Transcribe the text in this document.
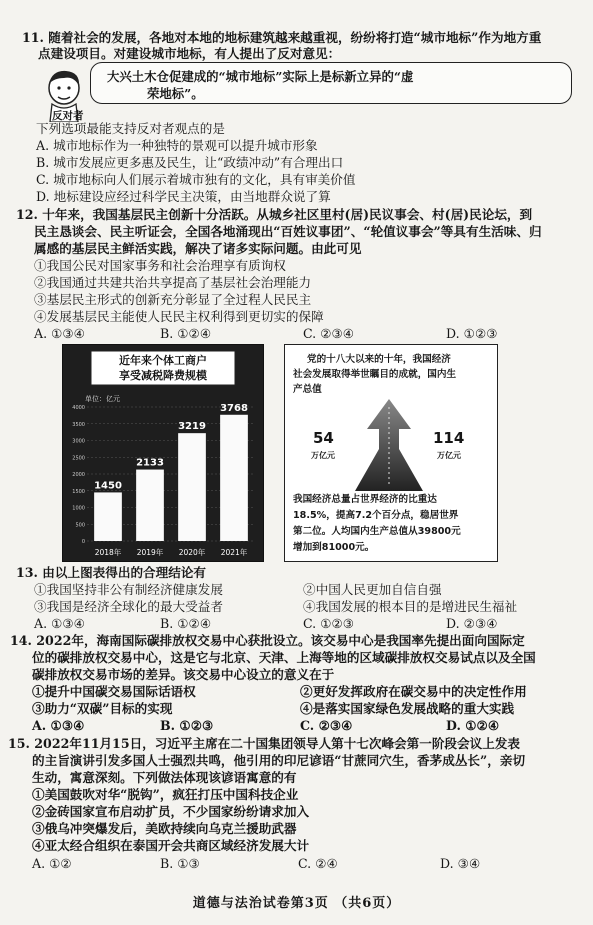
11. 随着社会的发展，各地对本地的地标建筑越来越重视，纷纷将打造“城市地标”作为地方重
点建设项目。对建设城市地标，有人提出了反对意见：
反对者
大兴土木仓促建成的“城市地标”实际上是标新立异的“虚
荣地标”。
下列选项最能支持反对者观点的是
A. 城市地标作为一种独特的景观可以提升城市形象
B. 城市发展应更多惠及民生，让“政绩冲动”有合理出口
C. 城市地标向人们展示着城市独有的文化，具有审美价值
D. 地标建设应经过科学民主决策，由当地群众说了算
12. 十年来，我国基层民主创新十分活跃。从城乡社区里村(居)民议事会、村(居)民论坛，到
民主恳谈会、民主听证会，全国各地涌现出“百姓议事团”、“轮值议事会”等具有生活味、归
属感的基层民主鲜活实践，解决了诸多实际问题。由此可见
①我国公民对国家事务和社会治理享有质询权
②我国通过共建共治共享提高了基层社会治理能力
③基层民主形式的创新充分彰显了全过程人民民主
④发展基层民主能使人民民主权利得到更切实的保障
A. ①③④	B. ①②④	C. ②③④	D. ①②③
近年来个体工商户
享受减税降费规模
单位：亿元
4000
3500
3000
2500
2000
1500
1000
500
0
1450
2018年
2133
2019年
3219
2020年
3768
2021年
党的十八大以来的十年，我国经济
社会发展取得举世瞩目的成就，国内生
产总值
54
万亿元
114
万亿元
我国经济总量占世界经济的比重达
18.5%，提高7.2个百分点，稳居世界
第二位。人均国内生产总值从39800元
增加到81000元。
13. 由以上图表得出的合理结论有
①我国坚持非公有制经济健康发展	②中国人民更加自信自强
③我国是经济全球化的最大受益者	④我国发展的根本目的是增进民生福祉
A. ①③④	B. ①②④	C. ①②③	D. ②③④
14. 2022年，海南国际碳排放权交易中心获批设立。该交易中心是我国率先提出面向国际定
位的碳排放权交易中心，这是它与北京、天津、上海等地的区域碳排放权交易试点以及全国
碳排放权交易市场的差异。该交易中心设立的意义在于
①提升中国碳交易国际话语权	②更好发挥政府在碳交易中的决定性作用
③助力“双碳”目标的实现	④是落实国家绿色发展战略的重大实践
A. ①③④	B. ①②③	C. ②③④	D. ①②④
15. 2022年11月15日，习近平主席在二十国集团领导人第十七次峰会第一阶段会议上发表
的主旨演讲引发多国人士强烈共鸣，他引用的印尼谚语“甘蔗同穴生，香茅成丛长”，亲切
生动，寓意深刻。下列做法体现该谚语寓意的有
①美国鼓吹对华“脱钩”，疯狂打压中国科技企业
②金砖国家宣布启动扩员，不少国家纷纷请求加入
③俄乌冲突爆发后，美欧持续向乌克兰援助武器
④亚太经合组织在泰国开会共商区域经济发展大计
A. ①②	B. ①③	C. ②④	D. ③④
道德与法治试卷第3页 （共6页）
